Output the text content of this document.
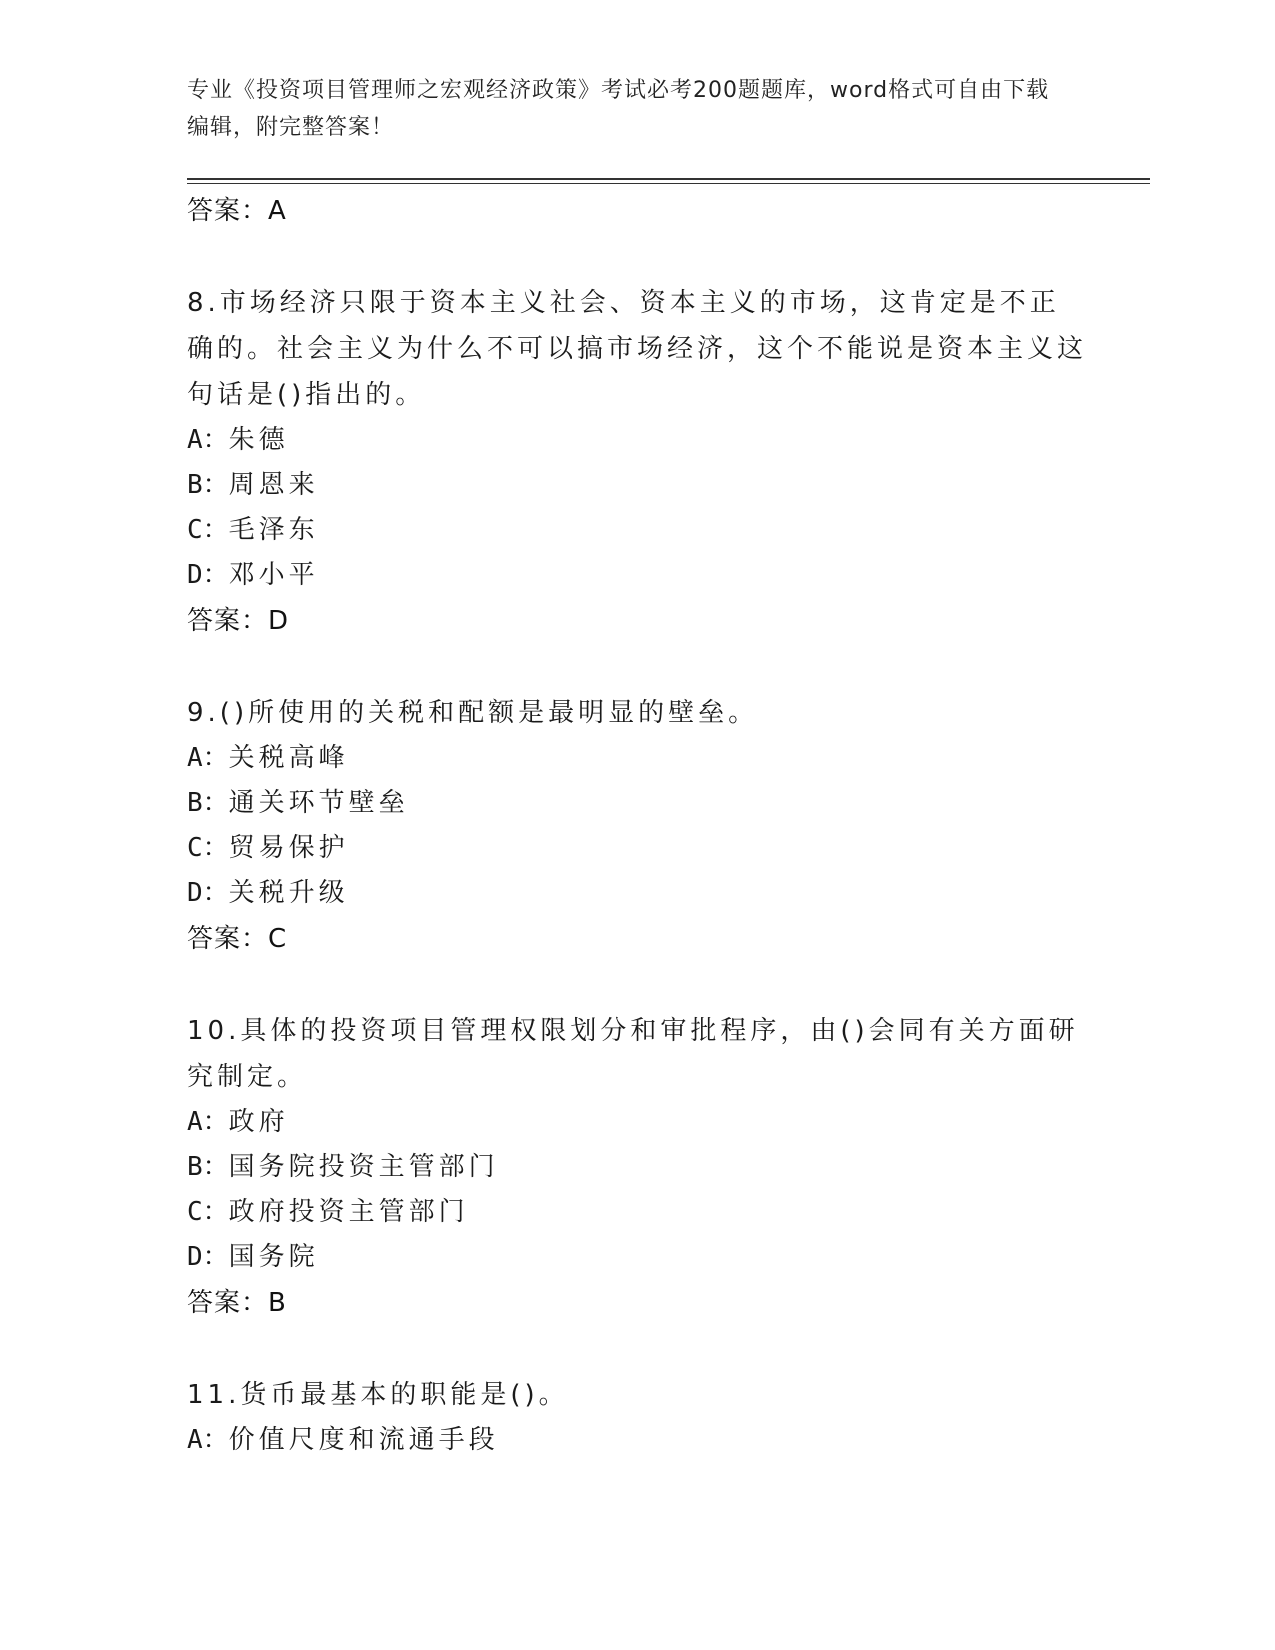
专业《投资项目管理师之宏观经济政策》考试必考200题题库，word格式可自由下载编辑，附完整答案！
答案：A
8.市场经济只限于资本主义社会、资本主义的市场，这肯定是不正确的。社会主义为什么不可以搞市场经济，这个不能说是资本主义这句话是()指出的。
A：朱德
B：周恩来
C：毛泽东
D：邓小平
答案：D
9.()所使用的关税和配额是最明显的壁垒。
A：关税高峰
B：通关环节壁垒
C：贸易保护
D：关税升级
答案：C
10.具体的投资项目管理权限划分和审批程序，由()会同有关方面研究制定。
A：政府
B：国务院投资主管部门
C：政府投资主管部门
D：国务院
答案：B
11.货币最基本的职能是()。
A：价值尺度和流通手段
